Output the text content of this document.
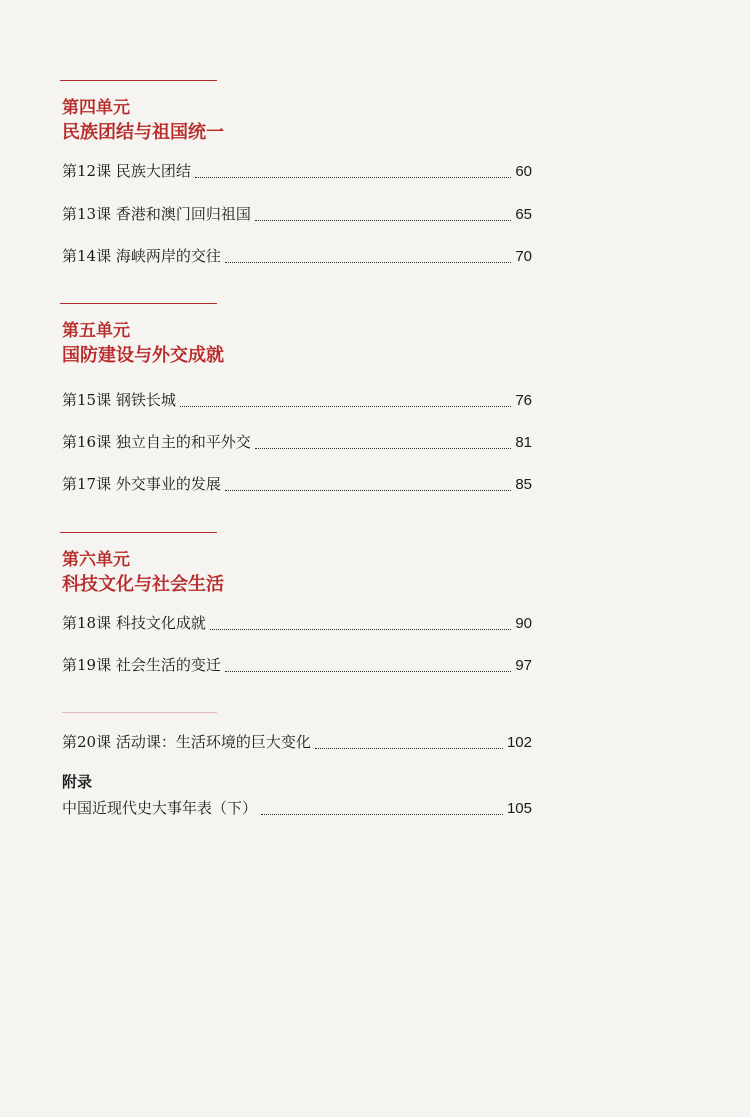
第四单元
民族团结与祖国统一
第12课 民族大团结	60
第13课 香港和澳门回归祖国	65
第14课 海峡两岸的交往	70
第五单元
国防建设与外交成就
第15课 钢铁长城	76
第16课 独立自主的和平外交	81
第17课 外交事业的发展	85
第六单元
科技文化与社会生活
第18课 科技文化成就	90
第19课 社会生活的变迁	97
第20课 活动课：生活环境的巨大变化	102
附录
中国近现代史大事年表（下）	105
